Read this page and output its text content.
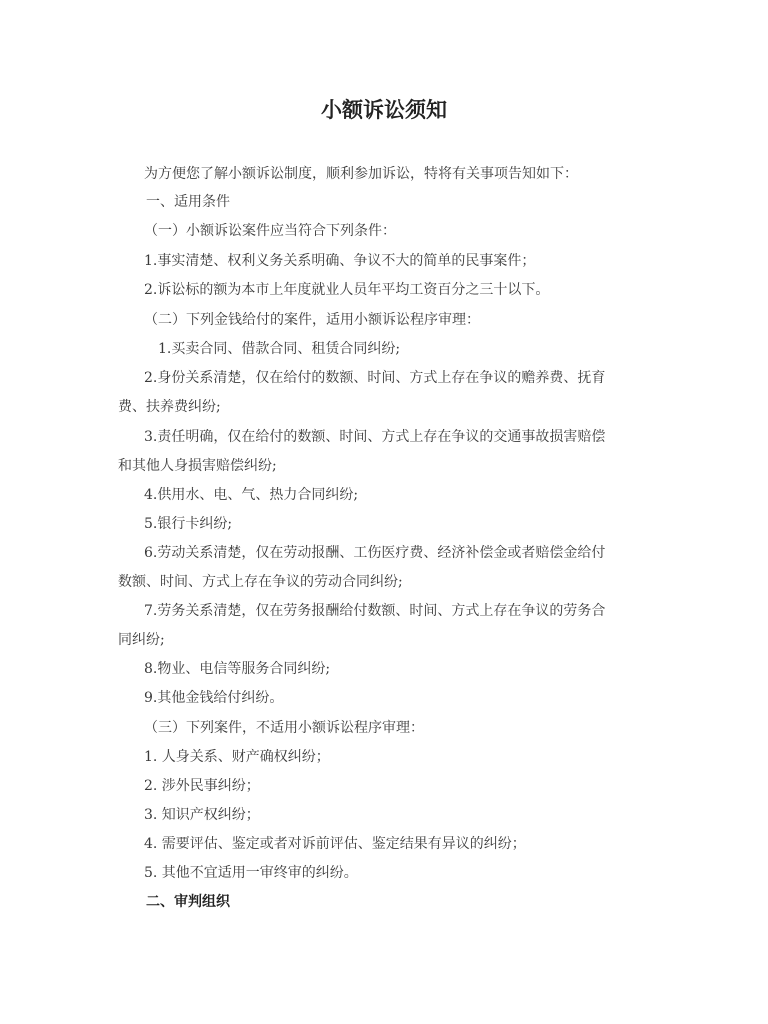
小额诉讼须知
为方便您了解小额诉讼制度，顺利参加诉讼，特将有关事项告知如下：
一、适用条件
（一）小额诉讼案件应当符合下列条件：
1.事实清楚、权利义务关系明确、争议不大的简单的民事案件；
2.诉讼标的额为本市上年度就业人员年平均工资百分之三十以下。
（二）下列金钱给付的案件，适用小额诉讼程序审理：
1.买卖合同、借款合同、租赁合同纠纷;
2.身份关系清楚，仅在给付的数额、时间、方式上存在争议的赡养费、抚育
费、扶养费纠纷;
3.责任明确，仅在给付的数额、时间、方式上存在争议的交通事故损害赔偿
和其他人身损害赔偿纠纷;
4.供用水、电、气、热力合同纠纷;
5.银行卡纠纷;
6.劳动关系清楚，仅在劳动报酬、工伤医疗费、经济补偿金或者赔偿金给付
数额、时间、方式上存在争议的劳动合同纠纷;
7.劳务关系清楚，仅在劳务报酬给付数额、时间、方式上存在争议的劳务合
同纠纷;
8.物业、电信等服务合同纠纷;
9.其他金钱给付纠纷。
（三）下列案件，不适用小额诉讼程序审理：
1. 人身关系、财产确权纠纷；
2. 涉外民事纠纷；
3. 知识产权纠纷；
4. 需要评估、鉴定或者对诉前评估、鉴定结果有异议的纠纷；
5. 其他不宜适用一审终审的纠纷。
二、审判组织
